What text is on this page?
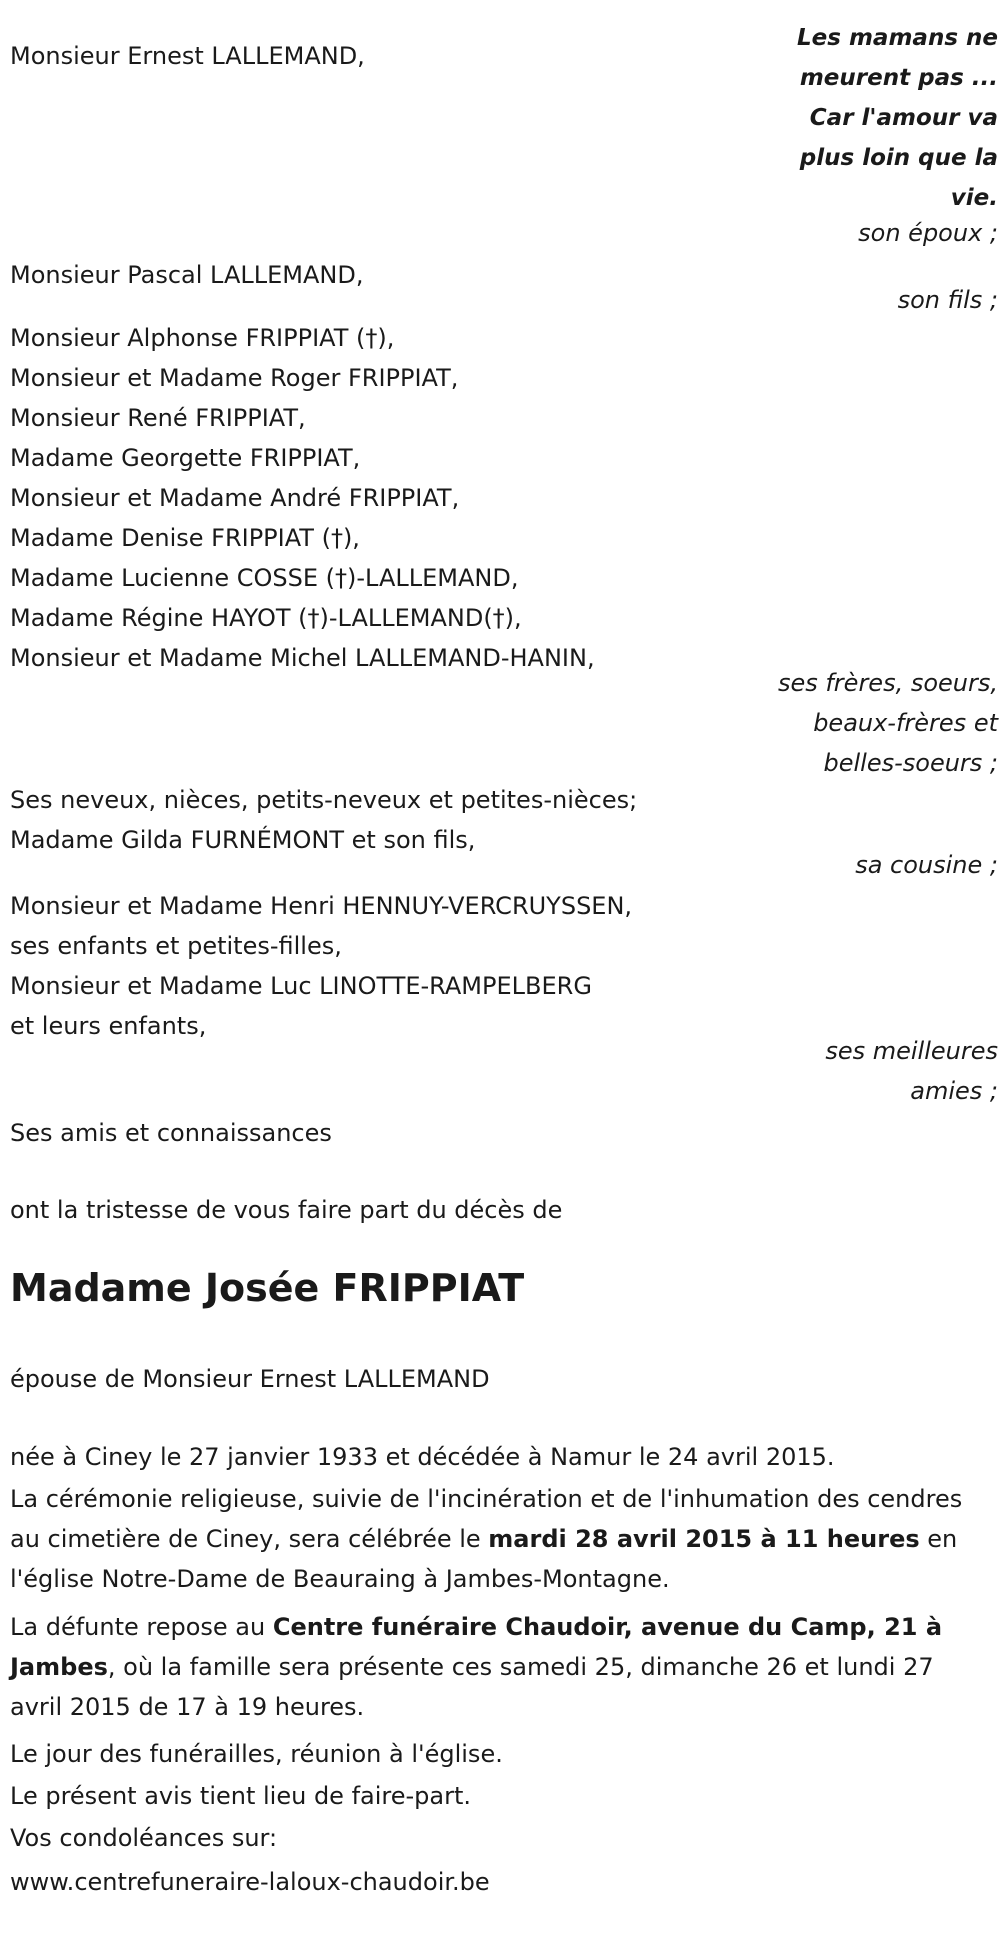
Les mamans ne meurent pas ... Car l'amour va plus loin que la vie.
Monsieur Ernest LALLEMAND,
son époux ;
Monsieur Pascal LALLEMAND,
son fils ;
Monsieur Alphonse FRIPPIAT (†),
Monsieur et Madame Roger FRIPPIAT,
Monsieur René FRIPPIAT,
Madame Georgette FRIPPIAT,
Monsieur et Madame André FRIPPIAT,
Madame Denise FRIPPIAT (†),
Madame Lucienne COSSE (†)-LALLEMAND,
Madame Régine HAYOT (†)-LALLEMAND(†),
Monsieur et Madame Michel LALLEMAND-HANIN,
ses frères, soeurs,
beaux-frères et
belles-soeurs ;
Ses neveux, nièces, petits-neveux et petites-nièces;
Madame Gilda FURNÉMONT et son fils,
sa cousine ;
Monsieur et Madame Henri HENNUY-VERCRUYSSEN,
ses enfants et petites-filles,
Monsieur et Madame Luc LINOTTE-RAMPELBERG
et leurs enfants,
ses meilleures
amies ;
Ses amis et connaissances
ont la tristesse de vous faire part du décès de
Madame Josée FRIPPIAT
épouse de Monsieur Ernest LALLEMAND
née à Ciney le 27 janvier 1933 et décédée à Namur le 24 avril 2015.
La cérémonie religieuse, suivie de l'incinération et de l'inhumation des cendres au cimetière de Ciney, sera célébrée le mardi 28 avril 2015 à 11 heures en l'église Notre-Dame de Beauraing à Jambes-Montagne.
La défunte repose au Centre funéraire Chaudoir, avenue du Camp, 21 à Jambes, où la famille sera présente ces samedi 25, dimanche 26 et lundi 27 avril 2015 de 17 à 19 heures.
Le jour des funérailles, réunion à l'église.
Le présent avis tient lieu de faire-part.
Vos condoléances sur:
www.centrefuneraire-laloux-chaudoir.be
